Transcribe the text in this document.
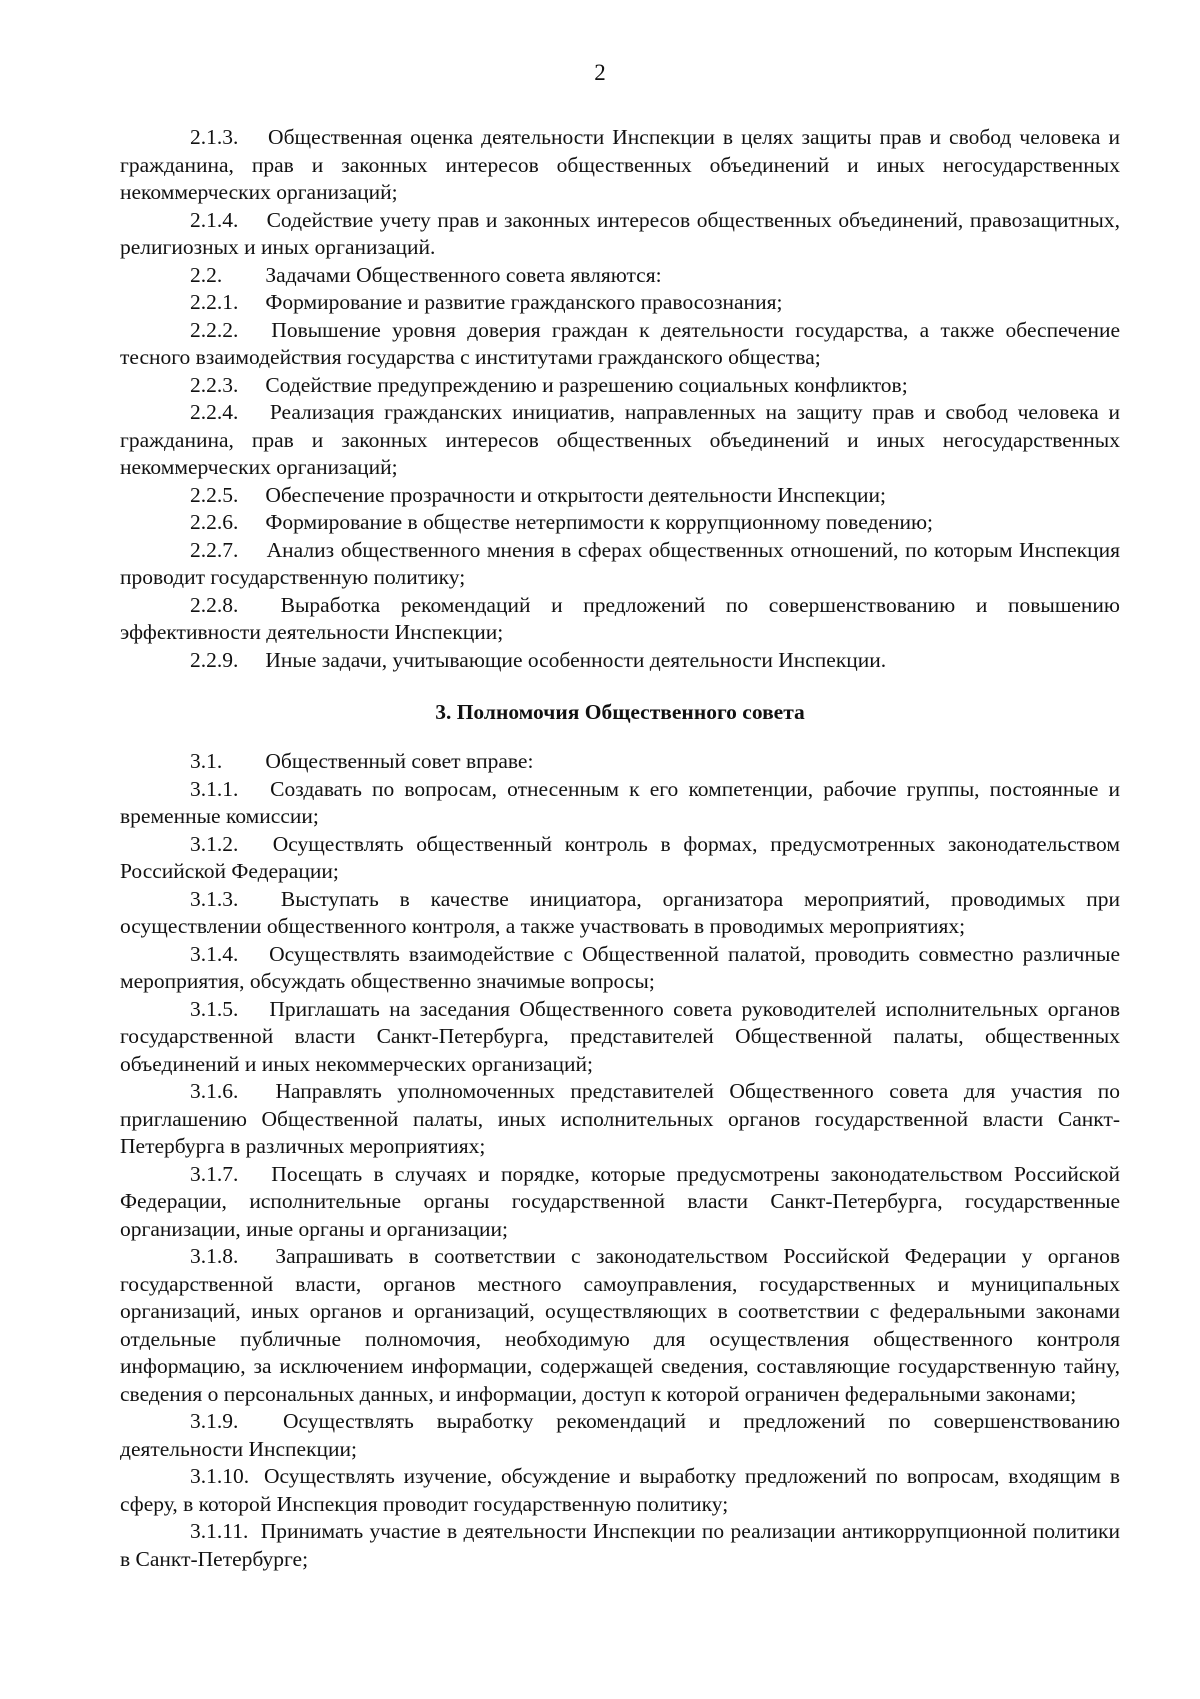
2

2.1.3. Общественная оценка деятельности Инспекции в целях защиты прав и свобод человека и гражданина, прав и законных интересов общественных объединений и иных негосударственных некоммерческих организаций;

2.1.4. Содействие учету прав и законных интересов общественных объединений, правозащитных, религиозных и иных организаций.

2.2. Задачами Общественного совета являются:

2.2.1. Формирование и развитие гражданского правосознания;

2.2.2. Повышение уровня доверия граждан к деятельности государства, а также обеспечение тесного взаимодействия государства с институтами гражданского общества;

2.2.3. Содействие предупреждению и разрешению социальных конфликтов;

2.2.4. Реализация гражданских инициатив, направленных на защиту прав и свобод человека и гражданина, прав и законных интересов общественных объединений и иных негосударственных некоммерческих организаций;

2.2.5. Обеспечение прозрачности и открытости деятельности Инспекции;

2.2.6. Формирование в обществе нетерпимости к коррупционному поведению;

2.2.7. Анализ общественного мнения в сферах общественных отношений, по которым Инспекция проводит государственную политику;

2.2.8. Выработка рекомендаций и предложений по совершенствованию и повышению эффективности деятельности Инспекции;

2.2.9. Иные задачи, учитывающие особенности деятельности Инспекции.

3. Полномочия Общественного совета

3.1. Общественный совет вправе:

3.1.1. Создавать по вопросам, отнесенным к его компетенции, рабочие группы, постоянные и временные комиссии;

3.1.2. Осуществлять общественный контроль в формах, предусмотренных законодательством Российской Федерации;

3.1.3. Выступать в качестве инициатора, организатора мероприятий, проводимых при осуществлении общественного контроля, а также участвовать в проводимых мероприятиях;

3.1.4. Осуществлять взаимодействие с Общественной палатой, проводить совместно различные мероприятия, обсуждать общественно значимые вопросы;

3.1.5. Приглашать на заседания Общественного совета руководителей исполнительных органов государственной власти Санкт-Петербурга, представителей Общественной палаты, общественных объединений и иных некоммерческих организаций;

3.1.6. Направлять уполномоченных представителей Общественного совета для участия по приглашению Общественной палаты, иных исполнительных органов государственной власти Санкт-Петербурга в различных мероприятиях;

3.1.7. Посещать в случаях и порядке, которые предусмотрены законодательством Российской Федерации, исполнительные органы государственной власти Санкт-Петербурга, государственные организации, иные органы и организации;

3.1.8. Запрашивать в соответствии с законодательством Российской Федерации у органов государственной власти, органов местного самоуправления, государственных и муниципальных организаций, иных органов и организаций, осуществляющих в соответствии с федеральными законами отдельные публичные полномочия, необходимую для осуществления общественного контроля информацию, за исключением информации, содержащей сведения, составляющие государственную тайну, сведения о персональных данных, и информации, доступ к которой ограничен федеральными законами;

3.1.9. Осуществлять выработку рекомендаций и предложений по совершенствованию деятельности Инспекции;

3.1.10. Осуществлять изучение, обсуждение и выработку предложений по вопросам, входящим в сферу, в которой Инспекция проводит государственную политику;

3.1.11. Принимать участие в деятельности Инспекции по реализации антикоррупционной политики в Санкт-Петербурге;
